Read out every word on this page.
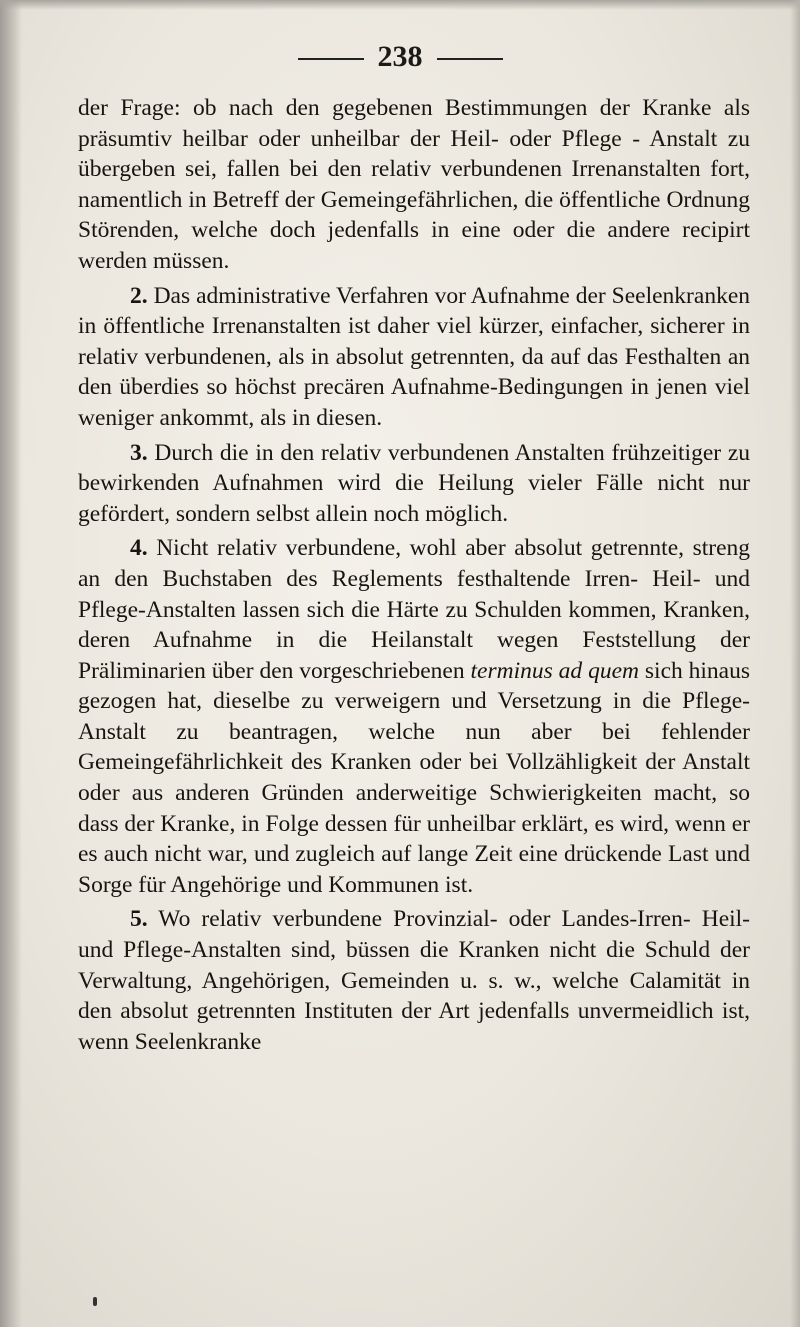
238

der Frage: ob nach den gegebenen Bestimmungen der Kranke als präsumtiv heilbar oder unheilbar der Heil- oder Pflege - Anstalt zu übergeben sei, fallen bei den relativ verbundenen Irrenanstalten fort, namentlich in Betreff der Gemeingefährlichen, die öffentliche Ordnung Störenden, welche doch jedenfalls in eine oder die andere recipirt werden müssen.

2. Das administrative Verfahren vor Aufnahme der Seelenkranken in öffentliche Irrenanstalten ist daher viel kürzer, einfacher, sicherer in relativ verbundenen, als in absolut getrennten, da auf das Festhalten an den überdies so höchst precären Aufnahme-Bedingungen in jenen viel weniger ankommt, als in diesen.

3. Durch die in den relativ verbundenen Anstalten frühzeitiger zu bewirkenden Aufnahmen wird die Heilung vieler Fälle nicht nur gefördert, sondern selbst allein noch möglich.

4. Nicht relativ verbundene, wohl aber absolut getrennte, streng an den Buchstaben des Reglements festhaltende Irren- Heil- und Pflege-Anstalten lassen sich die Härte zu Schulden kommen, Kranken, deren Aufnahme in die Heilanstalt wegen Feststellung der Präliminarien über den vorgeschriebenen terminus ad quem sich hinaus gezogen hat, dieselbe zu verweigern und Versetzung in die Pflege-Anstalt zu beantragen, welche nun aber bei fehlender Gemeingefährlichkeit des Kranken oder bei Vollzähligkeit der Anstalt oder aus anderen Gründen anderweitige Schwierigkeiten macht, so dass der Kranke, in Folge dessen für unheilbar erklärt, es wird, wenn er es auch nicht war, und zugleich auf lange Zeit eine drückende Last und Sorge für Angehörige und Kommunen ist.

5. Wo relativ verbundene Provinzial- oder Landes-Irren- Heil- und Pflege-Anstalten sind, büssen die Kranken nicht die Schuld der Verwaltung, Angehörigen, Gemeinden u. s. w., welche Calamität in den absolut getrennten Instituten der Art jedenfalls unvermeidlich ist, wenn Seelenkranke
